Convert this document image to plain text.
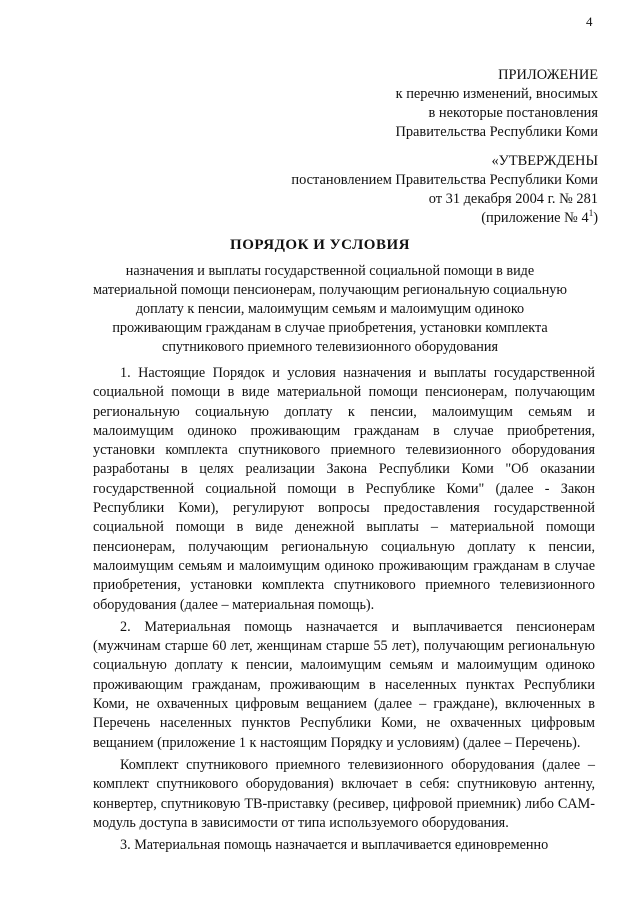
4
ПРИЛОЖЕНИЕ
к перечню изменений, вносимых
в некоторые постановления
Правительства Республики Коми
«УТВЕРЖДЕНЫ
постановлением Правительства Республики Коми
от 31 декабря 2004 г. № 281
(приложение № $4^1$)
ПОРЯДОК И УСЛОВИЯ
назначения и выплаты государственной социальной помощи в виде
материальной помощи пенсионерам, получающим региональную социальную
доплату к пенсии, малоимущим семьям и малоимущим одиноко
проживающим гражданам в случае приобретения, установки комплекта
спутникового приемного телевизионного оборудования

1. Настоящие Порядок и условия назначения и выплаты государственной социальной помощи в виде материальной помощи пенсионерам, получающим региональную социальную доплату к пенсии, малоимущим семьям и малоимущим одиноко проживающим гражданам в случае приобретения, установки комплекта спутникового приемного телевизионного оборудования разработаны в целях реализации Закона Республики Коми "Об оказании государственной социальной помощи в Республике Коми" (далее - Закон Республики Коми), регулируют вопросы предоставления государственной социальной помощи в виде денежной выплаты – материальной помощи пенсионерам, получающим региональную социальную доплату к пенсии, малоимущим семьям и малоимущим одиноко проживающим гражданам в случае приобретения, установки комплекта спутникового приемного телевизионного оборудования (далее – материальная помощь).

2. Материальная помощь назначается и выплачивается пенсионерам (мужчинам старше 60 лет, женщинам старше 55 лет), получающим региональную социальную доплату к пенсии, малоимущим семьям и малоимущим одиноко проживающим гражданам, проживающим в населенных пунктах Республики Коми, не охваченных цифровым вещанием (далее – граждане), включенных в Перечень населенных пунктов Республики Коми, не охваченных цифровым вещанием (приложение 1 к настоящим Порядку и условиям) (далее – Перечень).

Комплект спутникового приемного телевизионного оборудования (далее – комплект спутникового оборудования) включает в себя: спутниковую антенну, конвертер, спутниковую ТВ-приставку (ресивер, цифровой приемник) либо CAM-модуль доступа в зависимости от типа используемого оборудования.

3. Материальная помощь назначается и выплачивается единовременно
